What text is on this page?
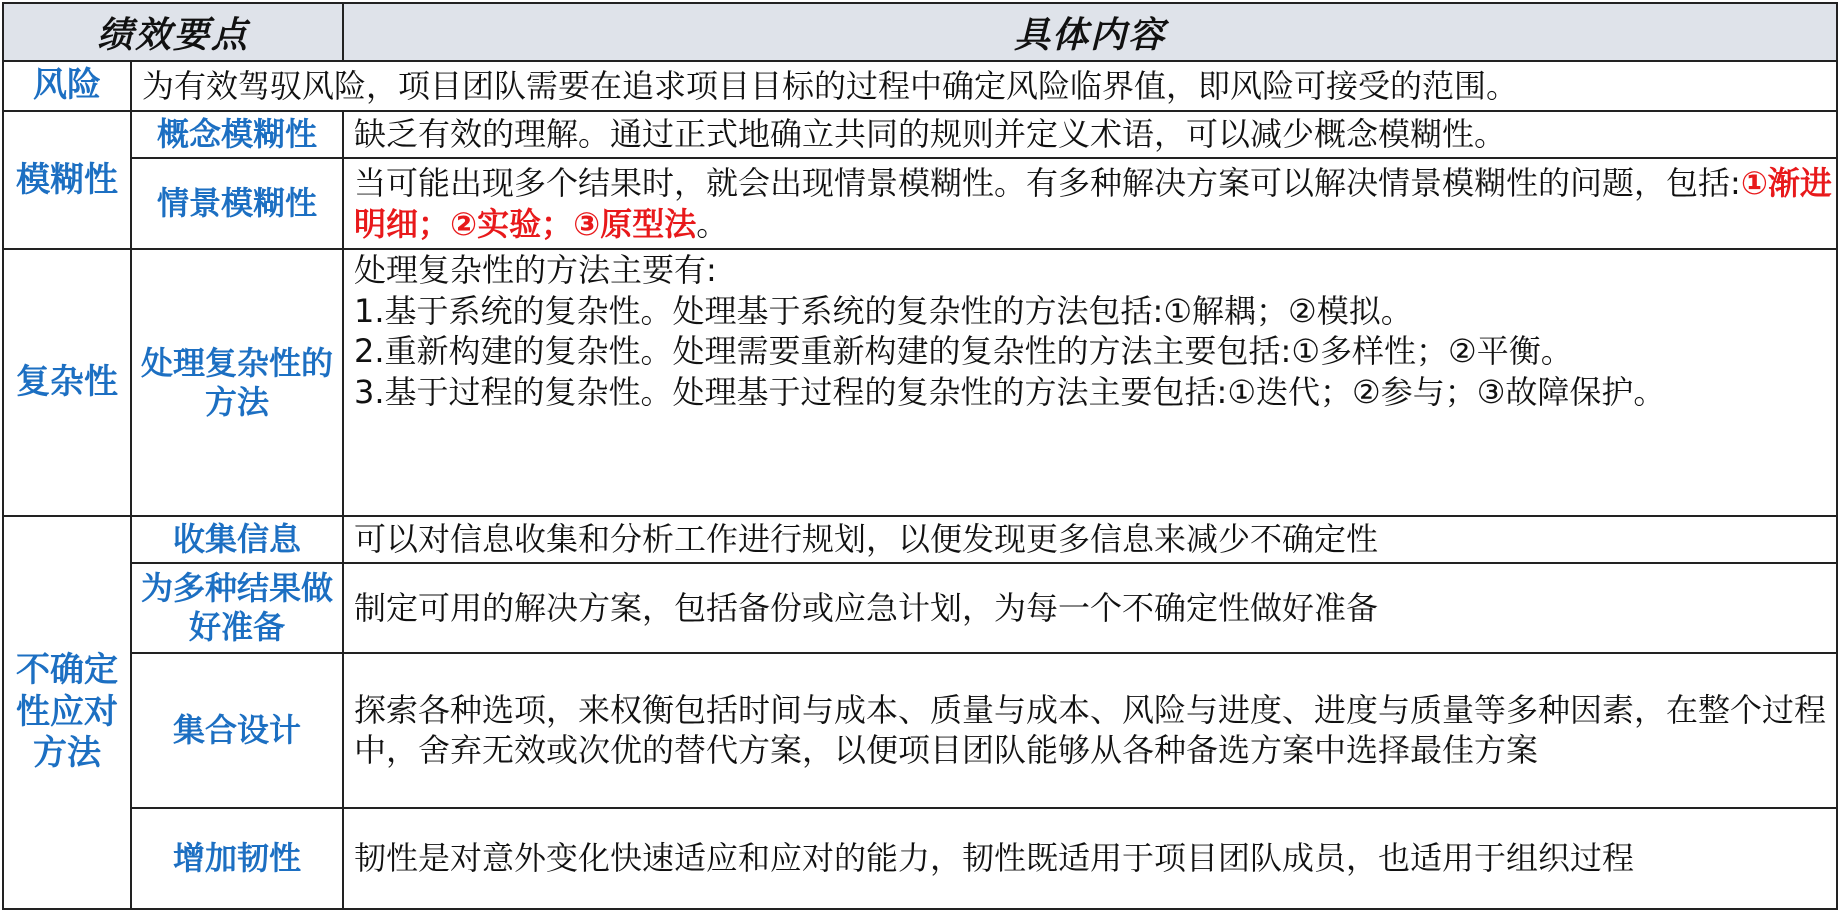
绩效要点		具体内容
风险	为有效驾驭风险，项目团队需要在追求项目目标的过程中确定风险临界值，即风险可接受的范围。	
模糊性	概念模糊性	缺乏有效的理解。通过正式地确立共同的规则并定义术语，可以减少概念模糊性。
	情景模糊性	当可能出现多个结果时，就会出现情景模糊性。有多种解决方案可以解决情景模糊性的问题，包括:①渐进明细；②实验；③原型法。
复杂性	处理复杂性的方法	处理复杂性的方法主要有:
1.基于系统的复杂性。处理基于系统的复杂性的方法包括:①解耦；②模拟。
2.重新构建的复杂性。处理需要重新构建的复杂性的方法主要包括:①多样性；②平衡。
3.基于过程的复杂性。处理基于过程的复杂性的方法主要包括:①迭代；②参与；③故障保护。

不确定性应对方法	收集信息	可以对信息收集和分析工作进行规划，以便发现更多信息来减少不确定性
	为多种结果做好准备	制定可用的解决方案，包括备份或应急计划，为每一个不确定性做好准备
	集合设计	探索各种选项，来权衡包括时间与成本、质量与成本、风险与进度、进度与质量等多种因素，在整个过程中，舍弃无效或次优的替代方案，以便项目团队能够从各种备选方案中选择最佳方案
	增加韧性	韧性是对意外变化快速适应和应对的能力，韧性既适用于项目团队成员，也适用于组织过程
